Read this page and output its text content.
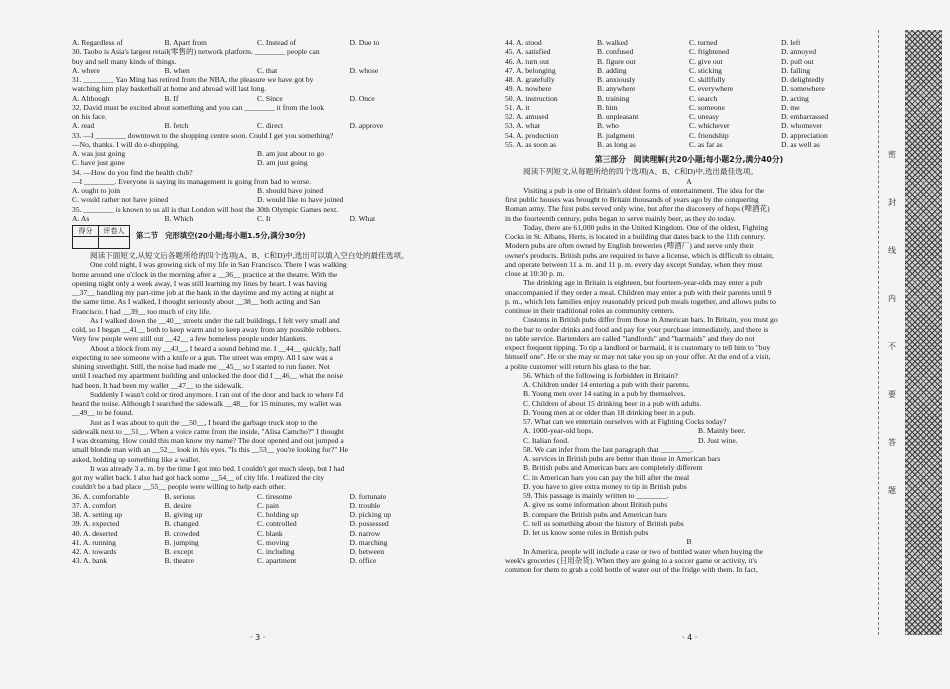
A. Regardless of	B. Apart from	C. Instead of	D. Due to
30. Taobo is Asia's largest retail(零售的) network platform. ________ people can
buy and sell many kinds of things.
A. where	B. when	C. that	D. whose
31. ________ Yao Ming has retired from the NBA, the pleasure we have got by
watching him play basketball at home and abroad will last long.
A. Although	B. If	C. Since	D. Once
32. David must be excited about something and you can ________ it from the look
on his face.
A. read	B. fetch	C. direct	D. approve
33. —I ________ downtown to the shopping centre soon. Could I get you something?
—No, thanks. I will do e-shopping.
A. was just going	B. am just about to go
C. have just gone	D. am just going
34. —How do you find the health club?
—I ________. Everyone is saying its management is going from bad to worse.
A. ought to join	B. should have joined
C. would rather not have joined	D. would like to have joined
35. ________ is known to us all is that London will host the 30th Olympic Games next.
A. As	B. Which	C. It	D. What
得分	评卷人	第二节　完形填空(20小题;每小题1.5分,满分30分)
阅读下面短文,从短文后各题所给的四个选项(A、B、C和D)中,选出可以填入空白处的最佳选项。
One cold night, I was growing sick of my life in San Francisco. There I was walking
home around one o'clock in the morning after a __36__ practice at the theatre. With the
opening night only a week away, I was still learning my lines by heart. I was having
__37__ handling my part-time job at the bank in the daytime and my acting at night at
the same time. As I walked, I thought seriously about __38__ both acting and San
Francisco. I had __39__ too much of city life.
As I walked down the __40__ streets under the tall buildings, I felt very small and
cold, so I began __41__ both to keep warm and to keep away from any possible robbers.
Very few people were still out __42__ a few homeless people under blankets.
About a block from my __43__, I heard a sound behind me. I __44__ quickly, half
expecting to see someone with a knife or a gun. The street was empty. All I saw was a
shining streetlight. Still, the noise had made me __45__ so I started to run faster. Not
until I reached my apartment building and unlocked the door did I __46__ what the noise
had been. It had been my wallet __47__ to the sidewalk.
Suddenly I wasn't cold or tired anymore. I ran out of the door and back to where I'd
heard the noise. Although I searched the sidewalk __48__ for 15 minutes, my wallet was
__49__ to be found.
Just as I was about to quit the __50__, I heard the garbage truck stop to the
sidewalk next to __51__. When a voice came from the inside, "Alisa Camcho?" I thought
I was dreaming. How could this man know my name? The door opened and out jumped a
small blonde man with an __52__ look in his eyes. "Is this __53__ you're looking for?" He
asked, holding up something like a wallet.
It was already 3 a. m. by the time I got into bed. I couldn't get much sleep, but I had
got my wallet back. I also had got back some __54__ of city life. I realized the city
couldn't be a bad place __55__ people were willing to help each other.
36. A. comfortable	B. serious	C. tiresome	D. fortunate
37. A. comfort	B. desire	C. pain	D. trouble
38. A. setting up	B. giving up	C. holding up	D. picking up
39. A. expected	B. changed	C. controlled	D. possessed
40. A. deserted	B. crowded	C. blank	D. narrow
41. A. running	B. jumping	C. moving	D. marching
42. A. towards	B. except	C. including	D. between
43. A. bank	B. theatre	C. apartment	D. office
44. A. stood	B. walked	C. turned	D. left
45. A. satisfied	B. confused	C. frightened	D. annoyed
46. A. turn out	B. figure out	C. give out	D. pull out
47. A. belonging	B. adding	C. sticking	D. falling
48. A. gratefully	B. anxiously	C. skillfully	D. delightedly
49. A. nowhere	B. anywhere	C. everywhere	D. somewhere
50. A. instruction	B. training	C. search	D. acting
51. A. it	B. him	C. someone	D. me
52. A. amused	B. unpleasant	C. uneasy	D. embarrassed
53. A. what	B. who	C. whichever	D. whomever
54. A. production	B. judgment	C. friendship	D. appreciation
55. A. as soon as	B. as long as	C. as far as	D. as well as
第三部分　阅读理解(共20小题;每小题2分,满分40分)
阅读下列短文,从每题所给的四个选项(A、B、C和D)中,选出最佳选项。
A
Visiting a pub is one of Britain's oldest forms of entertainment. The idea for the
first public houses was brought to Britain thousands of years ago by the conquering
Roman army. The first pubs served only wine, but after the discovery of hops (啤酒花)
in the fourteenth century, pubs began to serve mainly beer, as they do today.
Today, there are 61,000 pubs in the United Kingdom. One of the oldest, Fighting
Cocks in St. Albans, Herts, is located in a building that dates back to the 11th century.
Modern pubs are often owned by English breweries (啤酒厂) and serve only their
owner's products. British pubs are required to have a license, which is difficult to obtain,
and operate between 11 a. m. and 11 p. m. every day except Sunday, when they must
close at 10:30 p. m.
The drinking age in Britain is eighteen, but fourteen-year-olds may enter a pub
unaccompanied if they order a meal. Children may enter a pub with their parents until 9
p. m., which lets families enjoy reasonably priced pub meals together, and allows pubs to
continue in their traditional roles as community centers.
Customs in British pubs differ from those in American bars. In Britain, you must go
to the bar to order drinks and food and pay for your purchase immediately, and there is
no table service. Bartenders are called "landlords" and "barmaids" and they do not
expect frequent tipping. To tip a landlord or barmaid, it is customary to tell him to "buy
himself one". He or she may or may not take you up on your offer. At the end of a visit,
a polite customer will return his glass to the bar.
56. Which of the following is forbidden in Britain?
A. Children under 14 entering a pub with their parents.
B. Young men over 14 eating in a pub by themselves.
C. Children of about 15 drinking beer in a pub with adults.
D. Young men at or older than 18 drinking beer in a pub.
57. What can we entertain ourselves with at Fighting Cocks today?
A. 1000-year-old hops.	B. Mainly beer.
C. Italian food.	D. Just wine.
58. We can infer from the last paragraph that ________.
A. services in British pubs are better than those in American bars
B. British pubs and American bars are completely different
C. in American bars you can pay the bill after the meal
D. you have to give extra money to tip in British pubs
59. This passage is mainly written to ________.
A. give us some information about British pubs
B. compare the British pubs and American bars
C. tell us something about the history of British pubs
D. let us know some rules in British pubs
B
In America, people will include a case or two of bottled water when buying the
week's groceries (日用杂货). When they are going to a soccer game or activity, it's
common for them to grab a cold bottle of water out of the fridge with them. In fact,
· 3 ·	· 4 ·
密
封
线
内
不
要
答
题
